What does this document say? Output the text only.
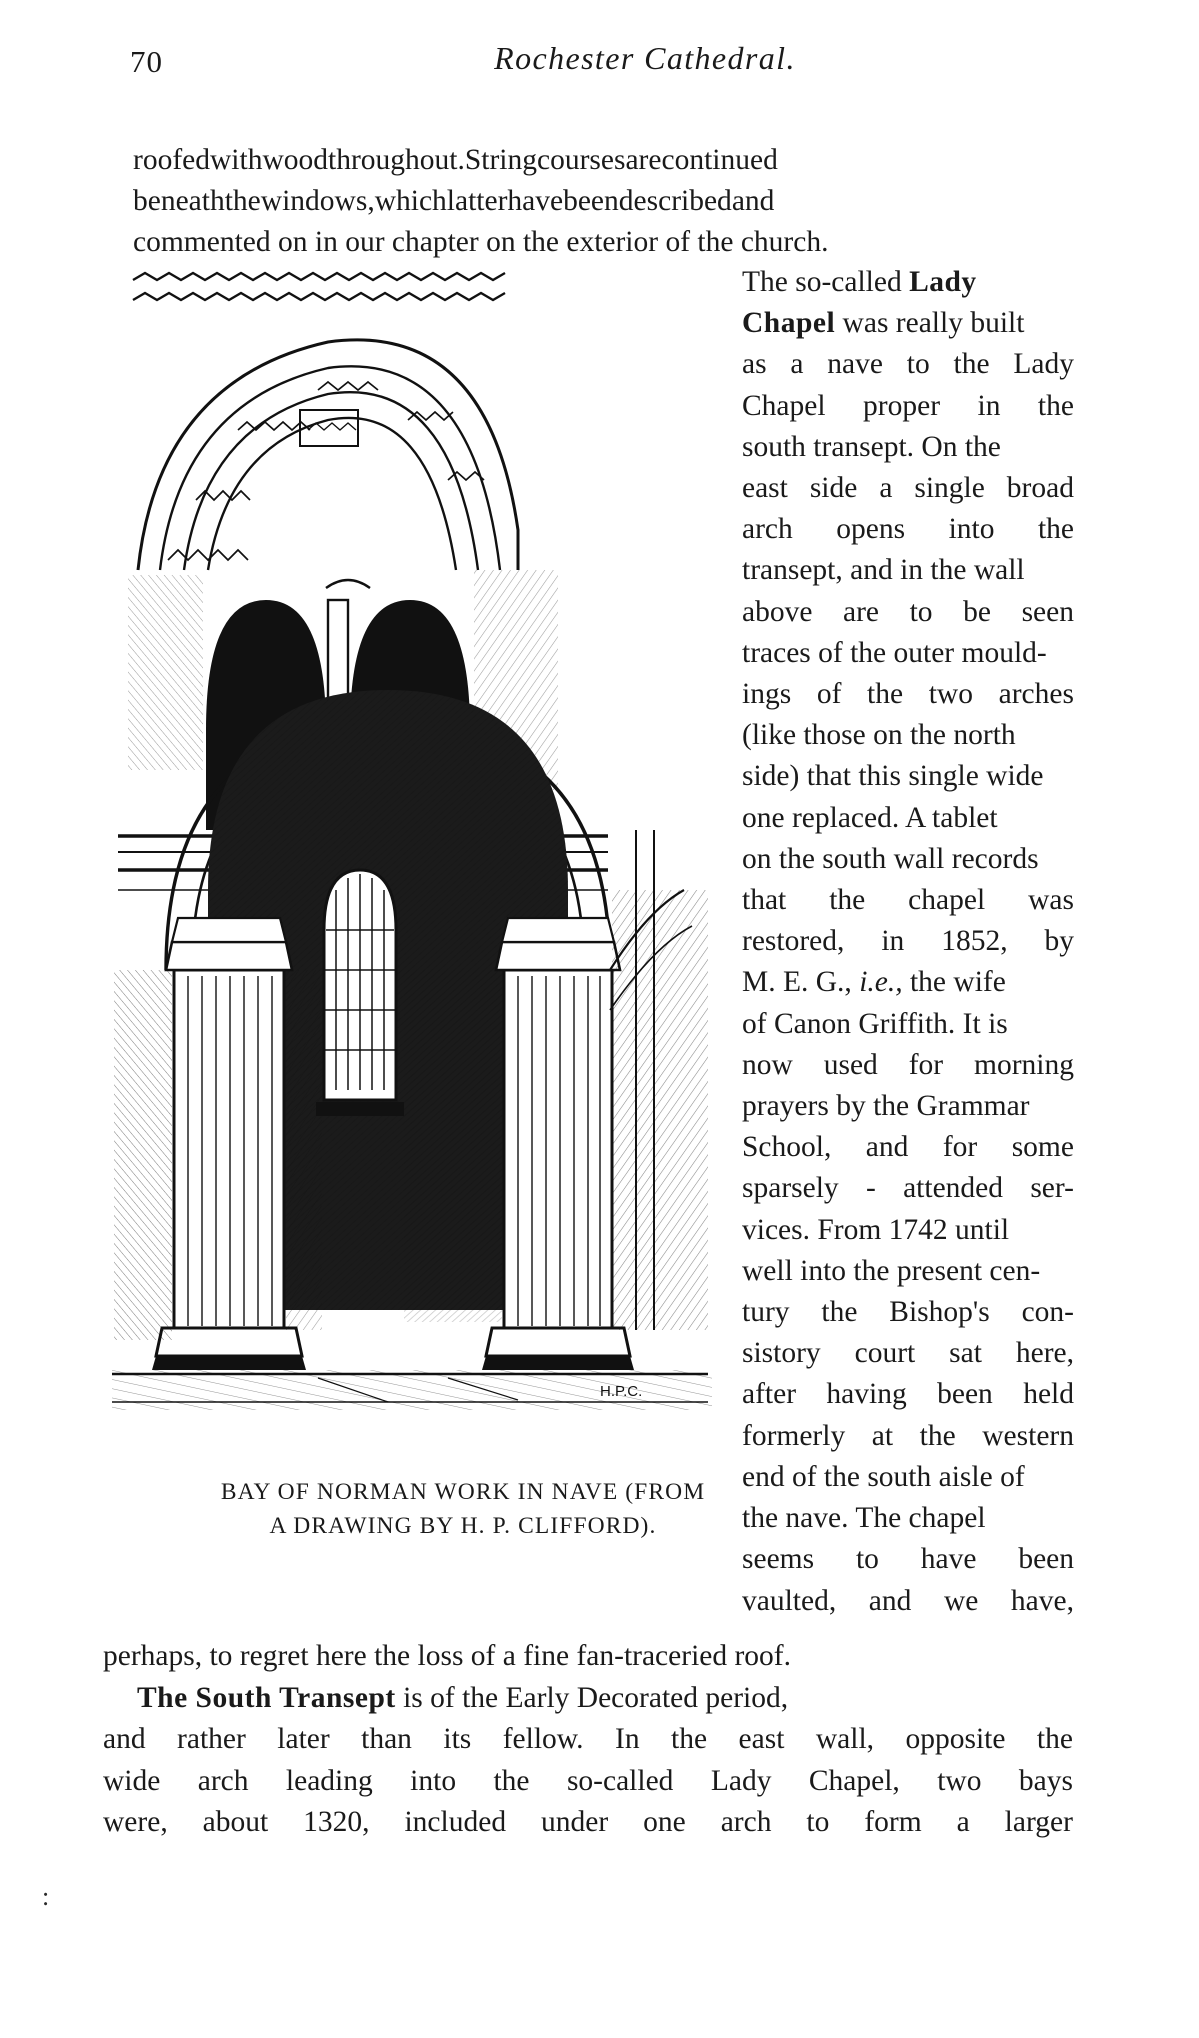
70	Rochester Cathedral.
roofedwithwoodthroughout.Stringcoursesarecontinued
beneaththewindows,whichlatterhavebeendescribedand
commented on in our chapter on the exterior of the church.
H.P.C.
BAY OF NORMAN WORK IN NAVE (FROM
A DRAWING BY H. P. CLIFFORD).
The so-called Lady
Chapel was really built
as a nave to the Lady
Chapel proper in the
south transept. On the
east side a single broad
arch opens into the
transept, and in the wall
above are to be seen
traces of the outer mould-
ings of the two arches
(like those on the north
side) that this single wide
one replaced. A tablet
on the south wall records
that the chapel was
restored, in 1852, by
M. E. G., i.e., the wife
of Canon Griffith. It is
now used for morning
prayers by the Grammar
School, and for some
sparsely - attended ser-
vices. From 1742 until
well into the present cen-
tury the Bishop's con-
sistory court sat here,
after having been held
formerly at the western
end of the south aisle of
the nave. The chapel
seems to have been
vaulted, and we have,
perhaps, to regret here the loss of a fine fan-traceried roof.
The South Transept is of the Early Decorated period,
and rather later than its fellow. In the east wall, opposite the
wide arch leading into the so-called Lady Chapel, two bays
were, about 1320, included under one arch to form a larger
:
